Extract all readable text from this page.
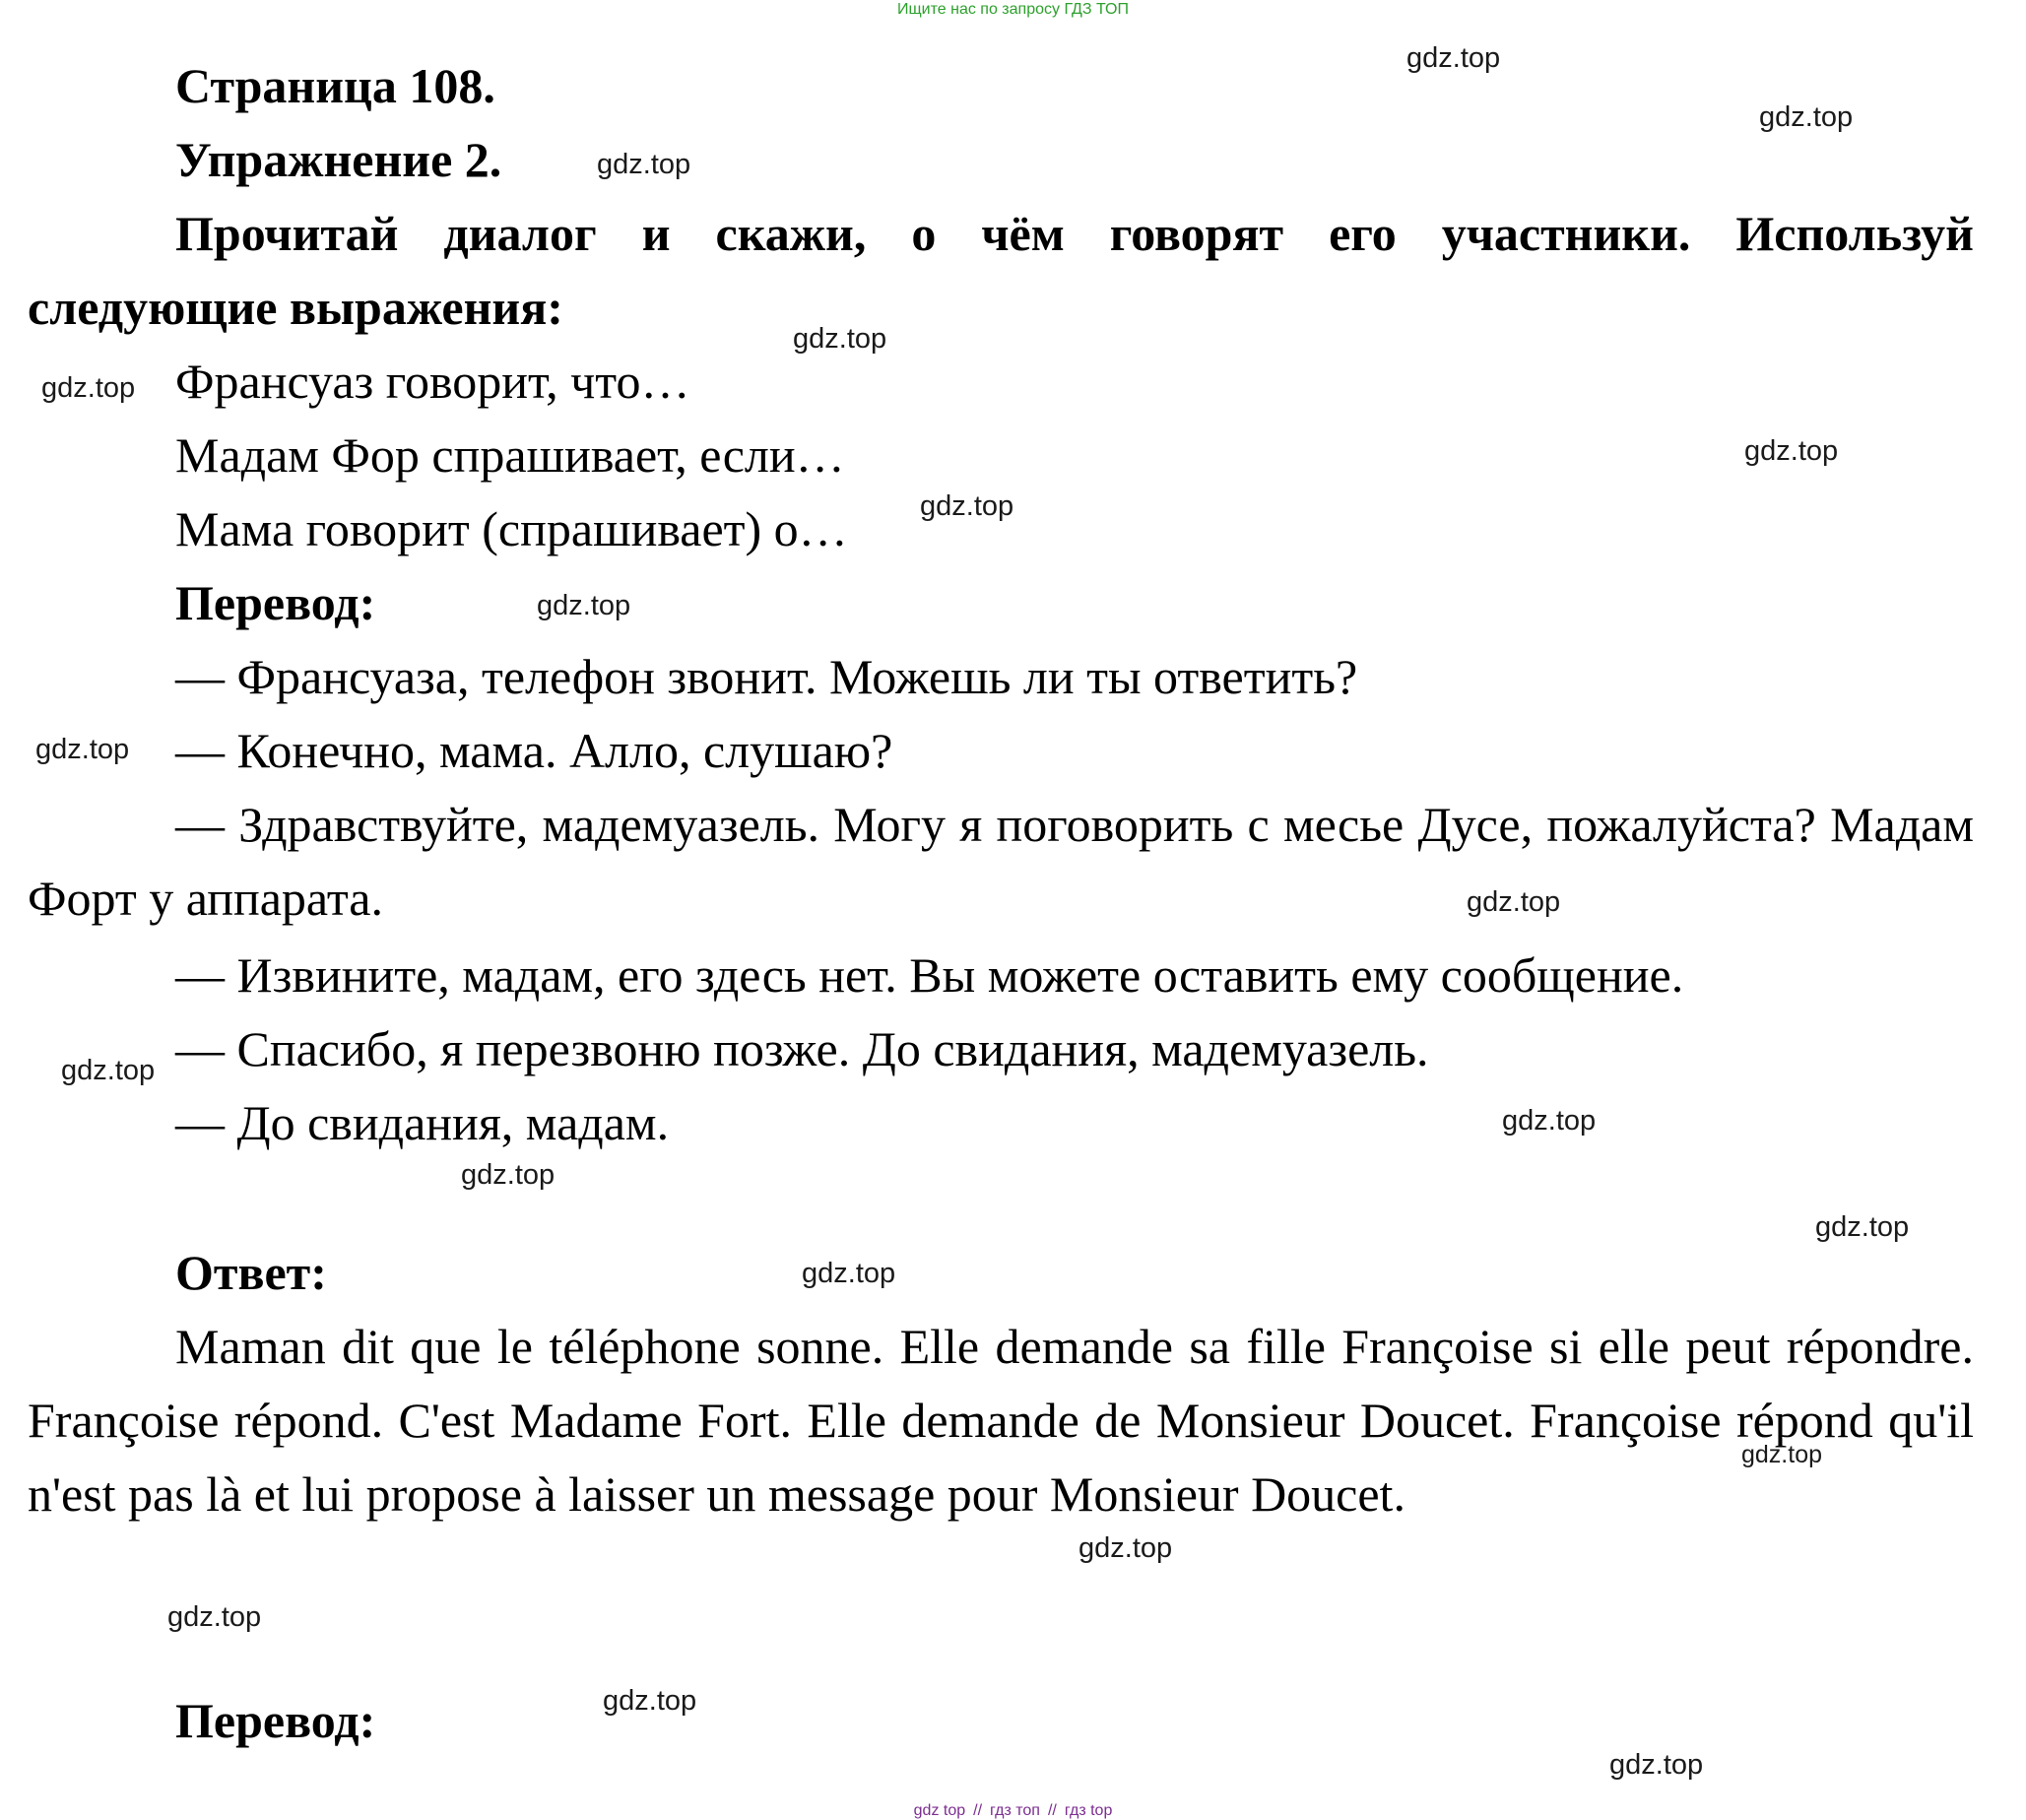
Ищите нас по запросу ГДЗ ТОП
Страница 108.
Упражнение 2.
Прочитай диалог и скажи, о чём говорят его участники. Используй
следующие выражения:
Франсуаз говорит, что…
Мадам Фор спрашивает, если…
Мама говорит (спрашивает) о…
Перевод:
— Франсуаза, телефон звонит. Можешь ли ты ответить?
— Конечно, мама. Алло, слушаю?
— Здравствуйте, мадемуазель. Могу я поговорить с месье Дусе, пожалуйста? Мадам Форт у аппарата.
— Извините, мадам, его здесь нет. Вы можете оставить ему сообщение.
— Спасибо, я перезвоню позже. До свидания, мадемуазель.
— До свидания, мадам.
Ответ:
Maman dit que le téléphone sonne. Elle demande sa fille Françoise si elle peut répondre. Françoise répond. C'est Madame Fort. Elle demande de Monsieur Doucet. Françoise répond qu'il n'est pas là et lui propose à laisser un message pour Monsieur Doucet.
Перевод:
gdz.top
gdz.top
gdz.top
gdz.top
gdz.top
gdz.top
gdz.top
gdz.top
gdz.top
gdz.top
gdz.top
gdz.top
gdz.top
gdz.top
gdz.top
gdz.top
gdz.top
gdz.top
gdz.top
gdz.top
gdz top // гдз топ // гдз top
